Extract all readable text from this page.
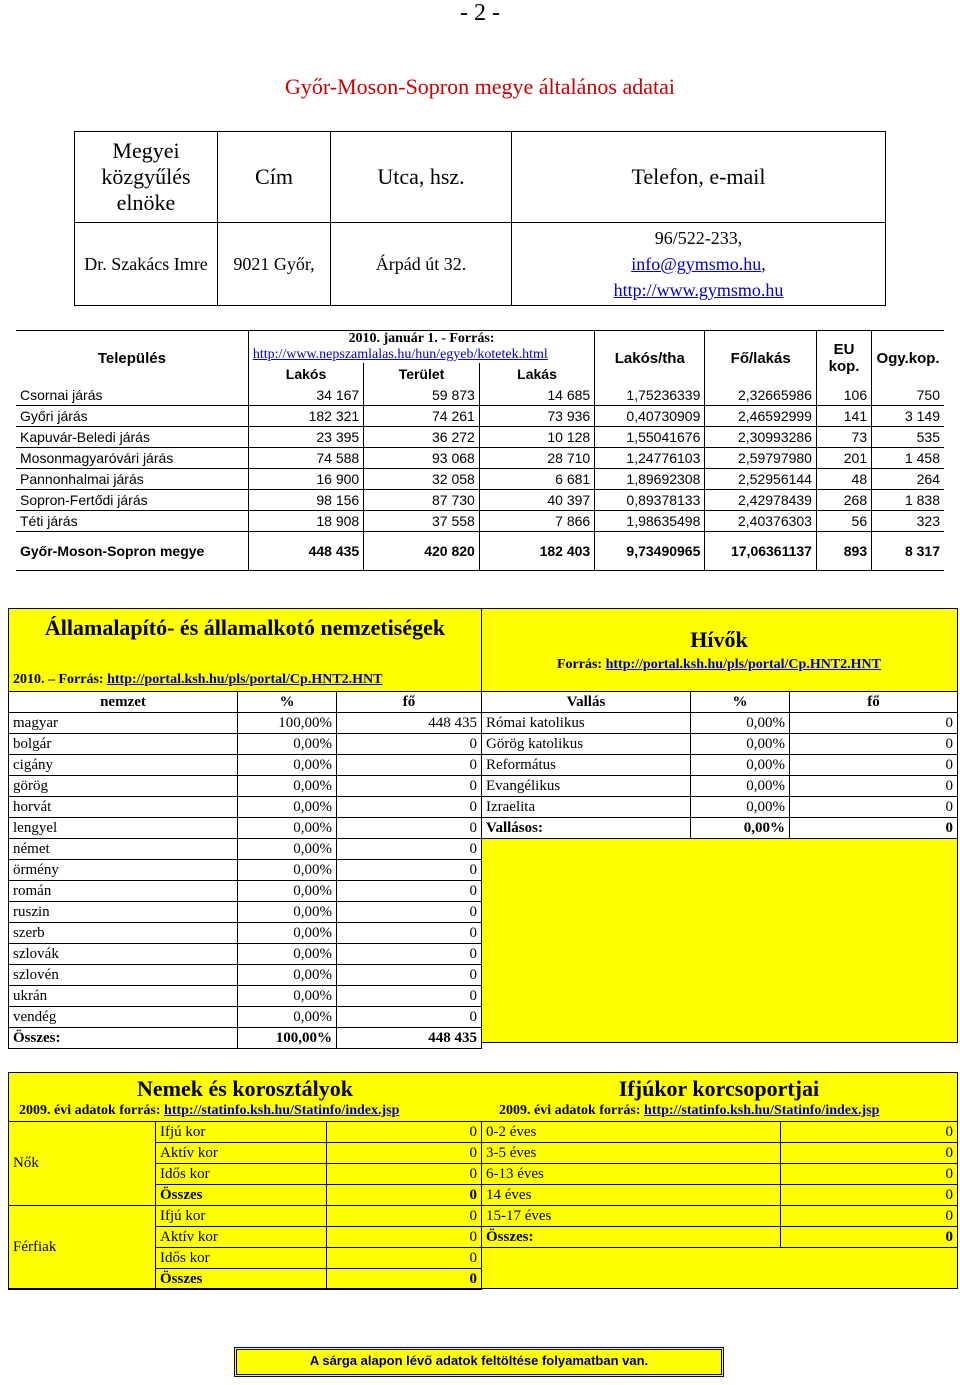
- 2 -
Győr-Moson-Sopron megye általános adatai
Megyei közgyűlés elnöke	Cím	Utca, hsz.	Telefon, e-mail
Dr. Szakács Imre	9021 Győr,	Árpád út 32.	96/522-233,
info@gymsmo.hu,
http://www.gymsmo.hu
Település	2010. január 1. - Forrás:
http://www.nepszamlalas.hu/hun/egyeb/kotetek.html			Lakós/tha	Fő/lakás	EU kop.	Ogy.kop.
	Lakós	Terület	Lakás				
Csornai járás	34 167	59 873	14 685	1,75236339	2,32665986	106	750
Győri járás	182 321	74 261	73 936	0,40730909	2,46592999	141	3 149
Kapuvár-Beledi járás	23 395	36 272	10 128	1,55041676	2,30993286	73	535
Mosonmagyaróvári járás	74 588	93 068	28 710	1,24776103	2,59797980	201	1 458
Pannonhalmai járás	16 900	32 058	6 681	1,89692308	2,52956144	48	264
Sopron-Fertődi járás	98 156	87 730	40 397	0,89378133	2,42978439	268	1 838
Téti járás	18 908	37 558	7 866	1,98635498	2,40376303	56	323
Győr-Moson-Sopron megye	448 435	420 820	182 403	9,73490965	17,06361137	893	8 317
Államalapító- és államalkotó nemzetiségek
2010. – Forrás: http://portal.ksh.hu/pls/portal/Cp.HNT2.HNT
Hívők
Forrás: http://portal.ksh.hu/pls/portal/Cp.HNT2.HNT
nemzet	%	fő
magyar	100,00%	448 435
bolgár	0,00%	0
cigány	0,00%	0
görög	0,00%	0
horvát	0,00%	0
lengyel	0,00%	0
német	0,00%	0
örmény	0,00%	0
román	0,00%	0
ruszin	0,00%	0
szerb	0,00%	0
szlovák	0,00%	0
szlovén	0,00%	0
ukrán	0,00%	0
vendég	0,00%	0
Összes:	100,00%	448 435
Vallás	%	fő
Római katolikus	0,00%	0
Görög katolikus	0,00%	0
Református	0,00%	0
Evangélikus	0,00%	0
Izraelita	0,00%	0
Vallásos:	0,00%	0
Nemek és korosztályok
2009. évi adatok forrás: http://statinfo.ksh.hu/Statinfo/index.jsp
Ifjúkor korcsoportjai
2009. évi adatok forrás: http://statinfo.ksh.hu/Statinfo/index.jsp
Nők	Ifjú kor	0
	Aktív kor	0
	Idős kor	0
	Összes	0
Férfiak	Ifjú kor	0
	Aktív kor	0
	Idős kor	0
	Összes	0
0-2 éves	0
3-5 éves	0
6-13 éves	0
14 éves	0
15-17 éves	0
Összes:	0
A sárga alapon lévő adatok feltöltése folyamatban van.
